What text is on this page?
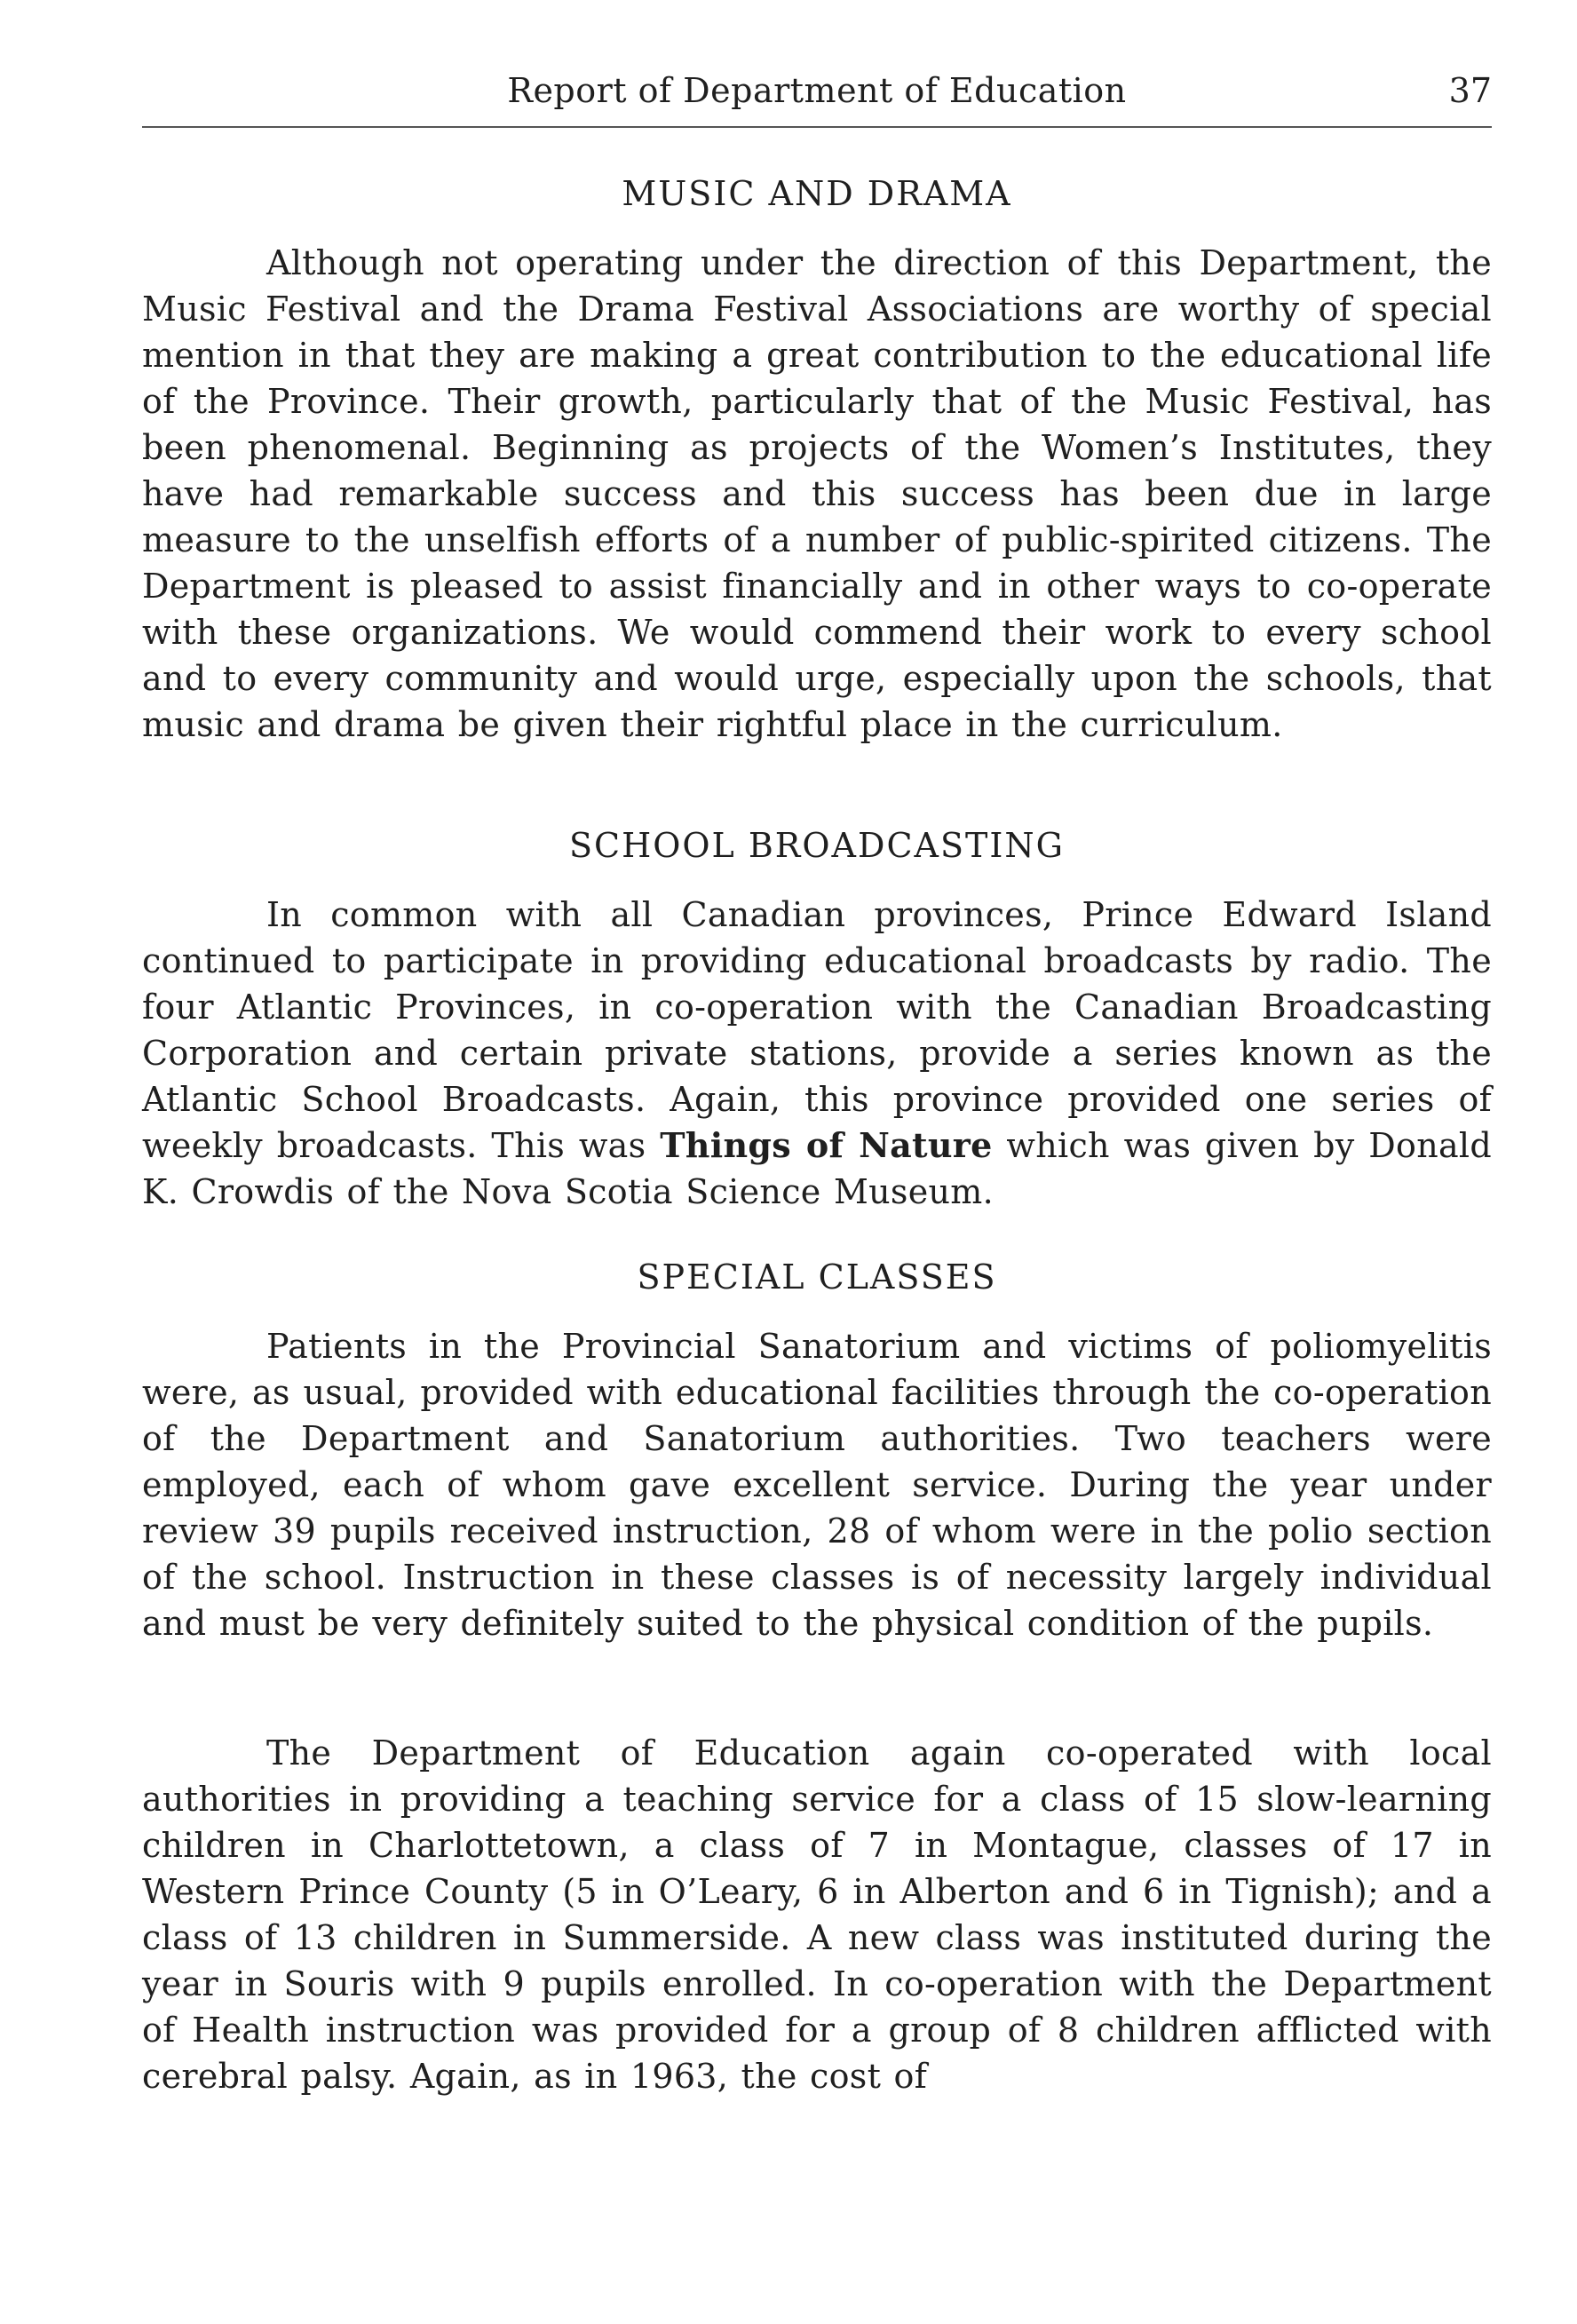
Report of Department of Education	37
MUSIC AND DRAMA

Although not operating under the direction of this Department, the Music Festival and the Drama Festival Associations are worthy of special mention in that they are making a great contribution to the educational life of the Province. Their growth, particularly that of the Music Festival, has been phenomenal. Beginning as projects of the Women’s Institutes, they have had remarkable success and this success has been due in large measure to the unselfish efforts of a number of public-spirited citizens. The Department is pleased to assist financially and in other ways to co-operate with these organizations. We would commend their work to every school and to every community and would urge, especially upon the schools, that music and drama be given their rightful place in the curriculum.

SCHOOL BROADCASTING

In common with all Canadian provinces, Prince Edward Island continued to participate in providing educational broadcasts by radio. The four Atlantic Provinces, in co-operation with the Canadian Broadcasting Corporation and certain private stations, provide a series known as the Atlantic School Broadcasts. Again, this province provided one series of weekly broadcasts. This was Things of Nature which was given by Donald K. Crowdis of the Nova Scotia Science Museum.

SPECIAL CLASSES

Patients in the Provincial Sanatorium and victims of poliomyelitis were, as usual, provided with educational facilities through the co-operation of the Department and Sanatorium authorities. Two teachers were employed, each of whom gave excellent service. During the year under review 39 pupils received instruction, 28 of whom were in the polio section of the school. Instruction in these classes is of necessity largely individual and must be very definitely suited to the physical condition of the pupils.

The Department of Education again co-operated with local authorities in providing a teaching service for a class of 15 slow-learning children in Charlottetown, a class of 7 in Montague, classes of 17 in Western Prince County (5 in O’Leary, 6 in Alberton and 6 in Tignish); and a class of 13 children in Summerside. A new class was instituted during the year in Souris with 9 pupils enrolled. In co-operation with the Department of Health instruction was provided for a group of 8 children afflicted with cerebral palsy. Again, as in 1963, the cost of
